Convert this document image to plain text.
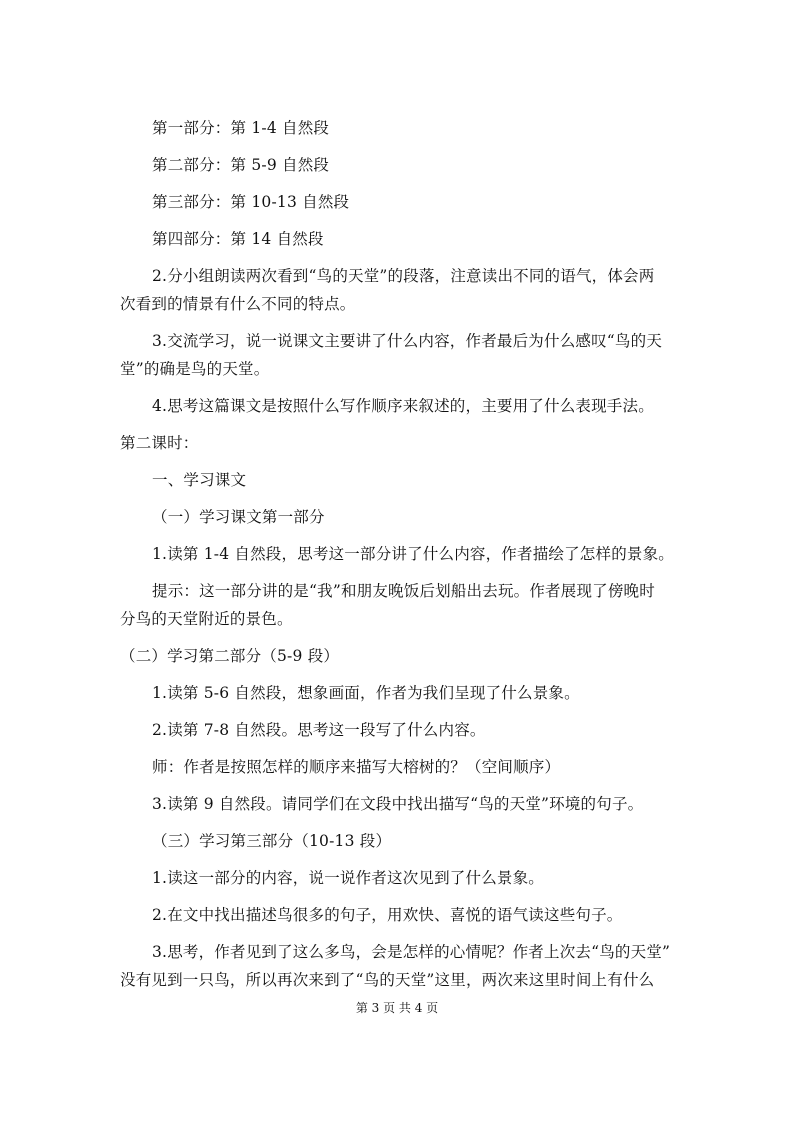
第一部分：第 1-4 自然段
第二部分：第 5-9 自然段
第三部分：第 10-13 自然段
第四部分：第 14 自然段
2.分小组朗读两次看到“鸟的天堂”的段落，注意读出不同的语气，体会两
次看到的情景有什么不同的特点。
3.交流学习，说一说课文主要讲了什么内容，作者最后为什么感叹“鸟的天
堂”的确是鸟的天堂。
4.思考这篇课文是按照什么写作顺序来叙述的，主要用了什么表现手法。
第二课时：
一、学习课文
（一）学习课文第一部分
1.读第 1-4 自然段，思考这一部分讲了什么内容，作者描绘了怎样的景象。
提示：这一部分讲的是“我”和朋友晚饭后划船出去玩。作者展现了傍晚时
分鸟的天堂附近的景色。
（二）学习第二部分（5-9 段）
1.读第 5-6 自然段，想象画面，作者为我们呈现了什么景象。
2.读第 7-8 自然段。思考这一段写了什么内容。
师：作者是按照怎样的顺序来描写大榕树的？（空间顺序）
3.读第 9 自然段。请同学们在文段中找出描写“鸟的天堂”环境的句子。
（三）学习第三部分（10-13 段）
1.读这一部分的内容，说一说作者这次见到了什么景象。
2.在文中找出描述鸟很多的句子，用欢快、喜悦的语气读这些句子。
3.思考，作者见到了这么多鸟，会是怎样的心情呢？作者上次去“鸟的天堂”
没有见到一只鸟，所以再次来到了“鸟的天堂”这里，两次来这里时间上有什么
第 3 页 共 4 页
